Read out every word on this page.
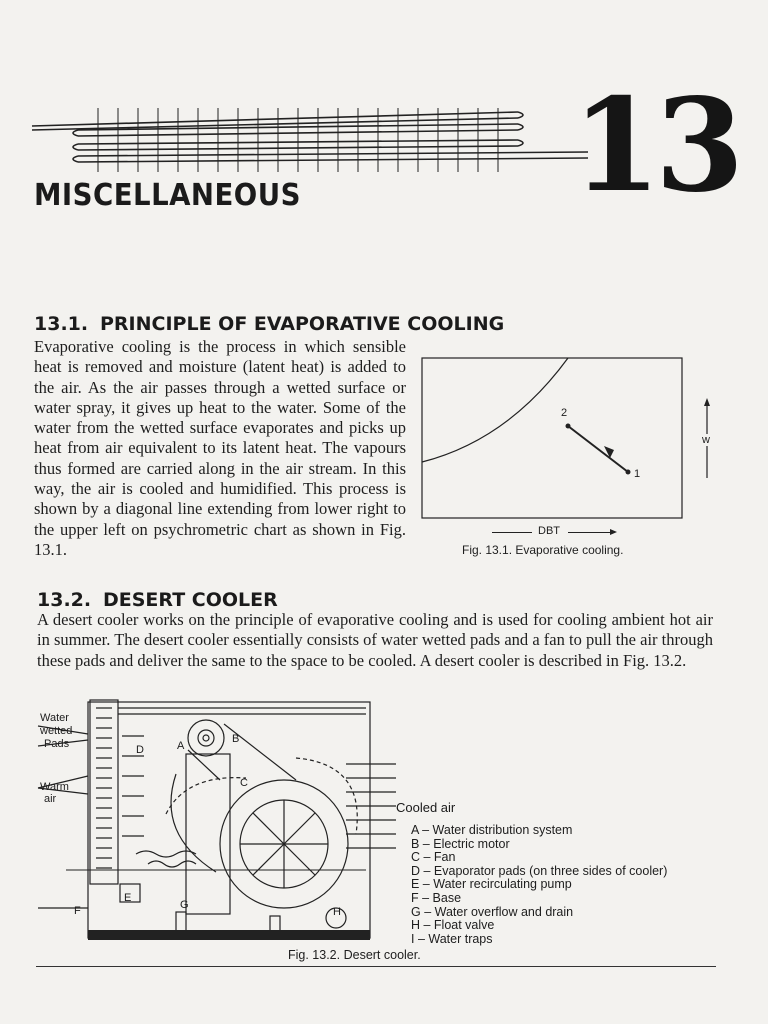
13
MISCELLANEOUS
13.1. PRINCIPLE OF EVAPORATIVE COOLING
Evaporative cooling is the process in which sensible heat is removed and moisture (latent heat) is added to the air. As the air passes through a wetted surface or water spray, it gives up heat to the water. Some of the water from the wetted surface evaporates and picks up heat from air equivalent to its latent heat. The vapours thus formed are carried along in the air stream. In this way, the air is cooled and humidified. This process is shown by a diagonal line extending from lower right to the upper left on psychrometric chart as shown in Fig. 13.1.
2
1
w
DBT
Fig. 13.1. Evaporative cooling.
13.2. DESERT COOLER
A desert cooler works on the principle of evaporative cooling and is used for cooling ambient hot air in summer. The desert cooler essentially consists of water wetted pads and a fan to pull the air through these pads and deliver the same to the space to be cooled. A desert cooler is described in Fig. 13.2.
Water
wetted
Pads
Warm
air
A
B
C
D
E
F	G
H
Cooled air
A – Water distribution system
B – Electric motor
C – Fan
D – Evaporator pads (on three sides of cooler)
E – Water recirculating pump
F – Base
G – Water overflow and drain
H – Float valve
I – Water traps
Fig. 13.2. Desert cooler.
